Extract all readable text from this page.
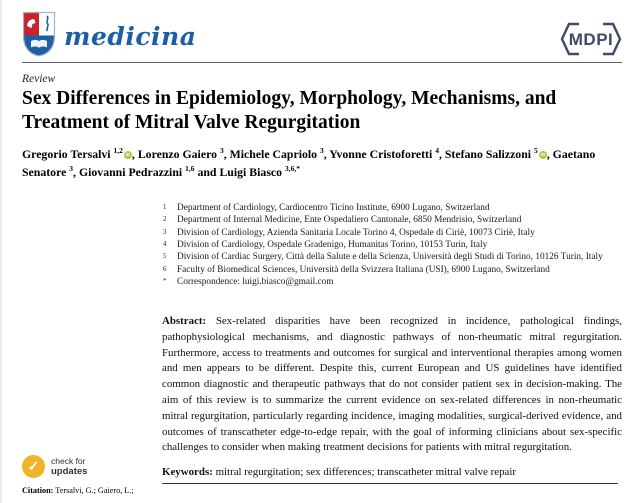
medicina	MDPI
Review
Sex Differences in Epidemiology, Morphology, Mechanisms, and Treatment of Mitral Valve Regurgitation
Gregorio Tersalvi $^{1,2}$ iD , Lorenzo Gaiero $^3$, Michele Capriolo $^3$, Yvonne Cristoforetti $^4$, Stefano Salizzoni $^5$ iD , Gaetano Senatore $^3$, Giovanni Pedrazzini $^{1,6}$ and Luigi Biasco $^{3,6,*}$
1 Department of Cardiology, Cardiocentro Ticino Institute, 6900 Lugano, Switzerland
2 Department of Internal Medicine, Ente Ospedaliero Cantonale, 6850 Mendrisio, Switzerland
3 Division of Cardiology, Azienda Sanitaria Locale Torino 4, Ospedale di Ciriè, 10073 Ciriè, Italy
4 Division of Cardiology, Ospedale Gradenigo, Humanitas Torino, 10153 Turin, Italy
5 Division of Cardiac Surgery, Città della Salute e della Scienza, Università degli Studi di Torino, 10126 Turin, Italy
6 Faculty of Biomedical Sciences, Università della Svizzera Italiana (USI), 6900 Lugano, Switzerland
* Correspondence: luigi.biasco@gmail.com

Abstract: Sex-related disparities have been recognized in incidence, pathological findings, pathophysiological mechanisms, and diagnostic pathways of non-rheumatic mitral regurgitation. Furthermore, access to treatments and outcomes for surgical and interventional therapies among women and men appears to be different. Despite this, current European and US guidelines have identified common diagnostic and therapeutic pathways that do not consider patient sex in decision-making. The aim of this review is to summarize the current evidence on sex-related differences in non-rheumatic mitral regurgitation, particularly regarding incidence, imaging modalities, surgical-derived evidence, and outcomes of transcatheter edge-to-edge repair, with the goal of informing clinicians about sex-specific challenges to consider when making treatment decisions for patients with mitral regurgitation.

Keywords: mitral regurgitation; sex differences; transcatheter mitral valve repair

✓	check for
updates
Citation: Tersalvi, G.; Gaiero, L.;
